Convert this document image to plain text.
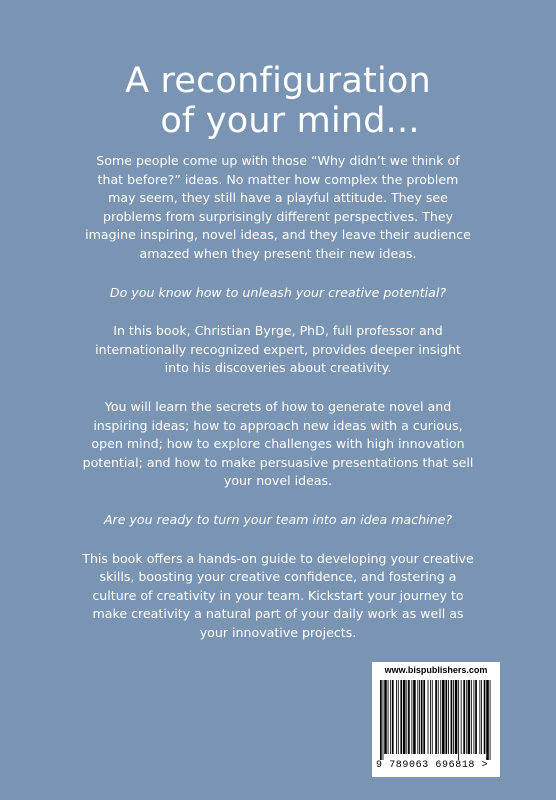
A reconfiguration
of your mind...

Some people come up with those “Why didn’t we think of that before?” ideas. No matter how complex the problem may seem, they still have a playful attitude. They see problems from surprisingly different perspectives. They imagine inspiring, novel ideas, and they leave their audience amazed when they present their new ideas.

Do you know how to unleash your creative potential?

In this book, Christian Byrge, PhD, full professor and internationally recognized expert, provides deeper insight into his discoveries about creativity.

You will learn the secrets of how to generate novel and inspiring ideas; how to approach new ideas with a curious, open mind; how to explore challenges with high innovation potential; and how to make persuasive presentations that sell your novel ideas.

Are you ready to turn your team into an idea machine?

This book offers a hands-on guide to developing your creative skills, boosting your creative confidence, and fostering a culture of creativity in your team. Kickstart your journey to make creativity a natural part of your daily work as well as your innovative projects.

www.bispublishers.com
9 789063 696818 >
